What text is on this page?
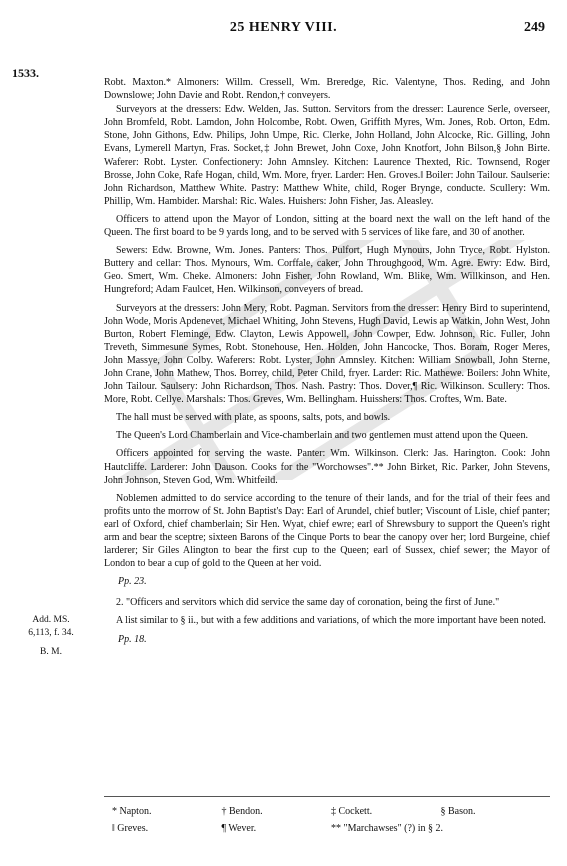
25 HENRY VIII.	249
1533.
Add. MS.
6,113, f. 34.
B. M.

Robt. Maxton.* Almoners: Willm. Cressell, Wm. Breredge, Ric. Valentyne, Thos. Reding, and John Downslowe; John Davie and Robt. Rendon,† conveyers.

Surveyors at the dressers: Edw. Welden, Jas. Sutton. Servitors from the dresser: Laurence Serle, overseer, John Bromfeld, Robt. Lamdon, John Holcombe, Robt. Owen, Griffith Myres, Wm. Jones, Rob. Orton, Edm. Stone, John Githons, Edw. Philips, John Umpe, Ric. Clerke, John Holland, John Alcocke, Ric. Gilling, John Evans, Lymerell Martyn, Fras. Socket,‡ John Brewet, John Coxe, John Knotfort, John Bilson,§ John Birte. Waferer: Robt. Lyster. Confectionery: John Amnsley. Kitchen: Laurence Thexted, Ric. Townsend, Roger Brosse, John Coke, Rafe Hogan, child, Wm. More, fryer. Larder: Hen. Groves.‖ Boiler: John Tailour. Saulserie: John Richardson, Matthew White. Pastry: Matthew White, child, Roger Brynge, conducte. Scullery: Wm. Phillip, Wm. Hambider. Marshal: Ric. Wales. Huishers: John Fisher, Jas. Aleasley.

Officers to attend upon the Mayor of London, sitting at the board next the wall on the left hand of the Queen. The first board to be 9 yards long, and to be served with 5 services of like fare, and 30 of another.

Sewers: Edw. Browne, Wm. Jones. Panters: Thos. Pulfort, Hugh Mynours, John Tryce, Robt. Hylston. Buttery and cellar: Thos. Mynours, Wm. Corffale, caker, John Throughgood, Wm. Agre. Ewry: Edw. Bird, Geo. Smert, Wm. Cheke. Almoners: John Fisher, John Rowland, Wm. Blike, Wm. Willkinson, and Hen. Hungreford; Adam Faulcet, Hen. Wilkinson, conveyers of bread.

Surveyors at the dressers: John Mery, Robt. Pagman. Servitors from the dresser: Henry Bird to superintend, John Wode, Moris Apdenevet, Michael Whiting, John Stevens, Hugh David, Lewis ap Watkin, John West, John Burton, Robert Fleminge, Edw. Clayton, Lewis Appowell, John Cowper, Edw. Johnson, Ric. Fuller, John Treveth, Simmesune Symes, Robt. Stonehouse, Hen. Holden, John Hancocke, Thos. Boram, Roger Meres, John Massye, John Colby. Waferers: Robt. Lyster, John Amnsley. Kitchen: William Snowball, John Sterne, John Crane, John Mathew, Thos. Borrey, child, Peter Child, fryer. Larder: Ric. Mathewe. Boilers: John White, John Tailour. Saulsery: John Richardson, Thos. Nash. Pastry: Thos. Dover,¶ Ric. Wilkinson. Scullery: Thos. More, Robt. Cellye. Marshals: Thos. Greves, Wm. Bellingham. Huisshers: Thos. Croftes, Wm. Bate.

The hall must be served with plate, as spoons, salts, pots, and bowls.

The Queen's Lord Chamberlain and Vice-chamberlain and two gentlemen must attend upon the Queen.

Officers appointed for serving the waste. Panter: Wm. Wilkinson. Clerk: Jas. Harington. Cook: John Hautcliffe. Larderer: John Dauson. Cooks for the "Worchowses".** John Birket, Ric. Parker, John Stevens, John Johnson, Steven God, Wm. Whitfeild.

Noblemen admitted to do service according to the tenure of their lands, and for the trial of their fees and profits unto the morrow of St. John Baptist's Day: Earl of Arundel, chief butler; Viscount of Lisle, chief panter; earl of Oxford, chief chamberlain; Sir Hen. Wyat, chief ewre; earl of Shrewsbury to support the Queen's right arm and bear the sceptre; sixteen Barons of the Cinque Ports to bear the canopy over her; lord Burgeine, chief larderer; Sir Giles Alington to bear the first cup to the Queen; earl of Sussex, chief sewer; the Mayor of London to bear a cup of gold to the Queen at her void.

Pp. 23.

2. "Officers and servitors which did service the same day of coronation, being the first of June."

A list similar to § ii., but with a few additions and variations, of which the more important have been noted.

Pp. 18.
* Napton.	† Bendon.	‡ Cockett.	§ Bason.
‖ Greves.	¶ Wever.	** "Marchawses" (?) in § 2.
